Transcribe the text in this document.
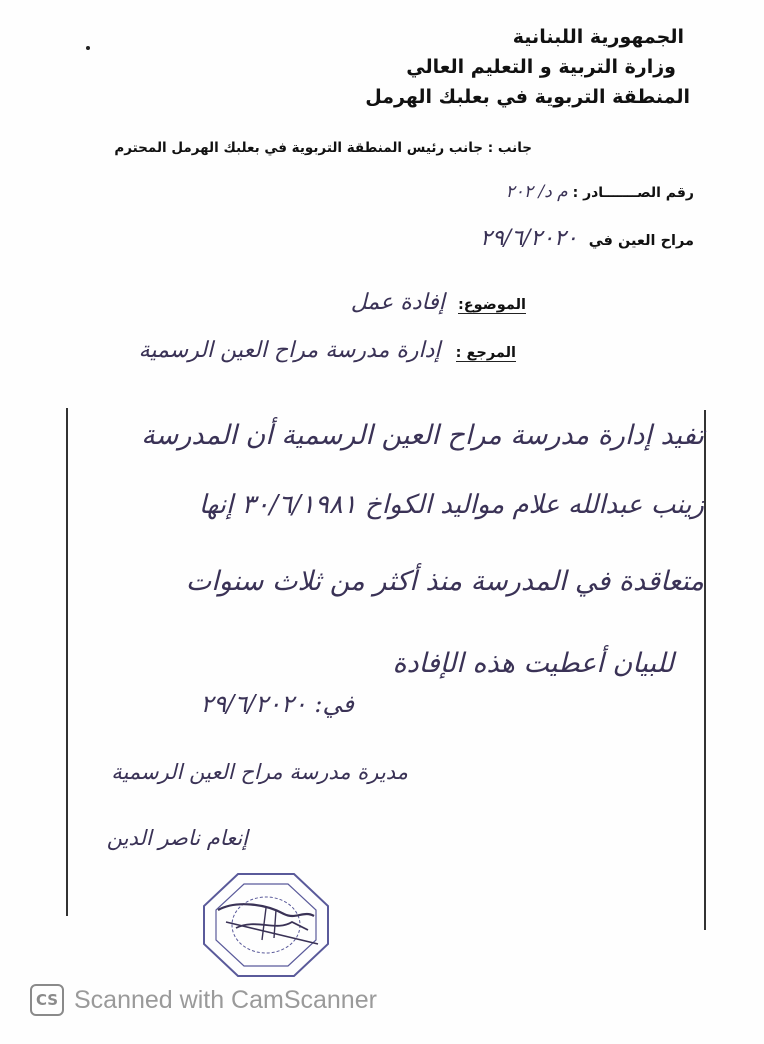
الجمهورية اللبنانية
وزارة التربية و التعليم العالي
المنطقة التربوية في بعلبك الهرمل
جانب : جانب رئيس المنطقة التربوية في بعلبك الهرمل المحترم
رقم الصـــــــادر : م د/ ٢٠٢
مراح العين في ٢٩/٦/٢٠٢٠
الموضوع: إفادة عمل
المرجع : إدارة مدرسة مراح العين الرسمية
تفيد إدارة مدرسة مراح العين الرسمية أن المدرسة
زينب عبدالله علام مواليد الكواخ ٣٠/٦/١٩٨١ إنها
متعاقدة في المدرسة منذ أكثر من ثلاث سنوات
للبيان أعطيت هذه الإفادة
في: ٢٩/٦/٢٠٢٠
مديرة مدرسة مراح العين الرسمية
إنعام ناصر الدين
CS Scanned with CamScanner
